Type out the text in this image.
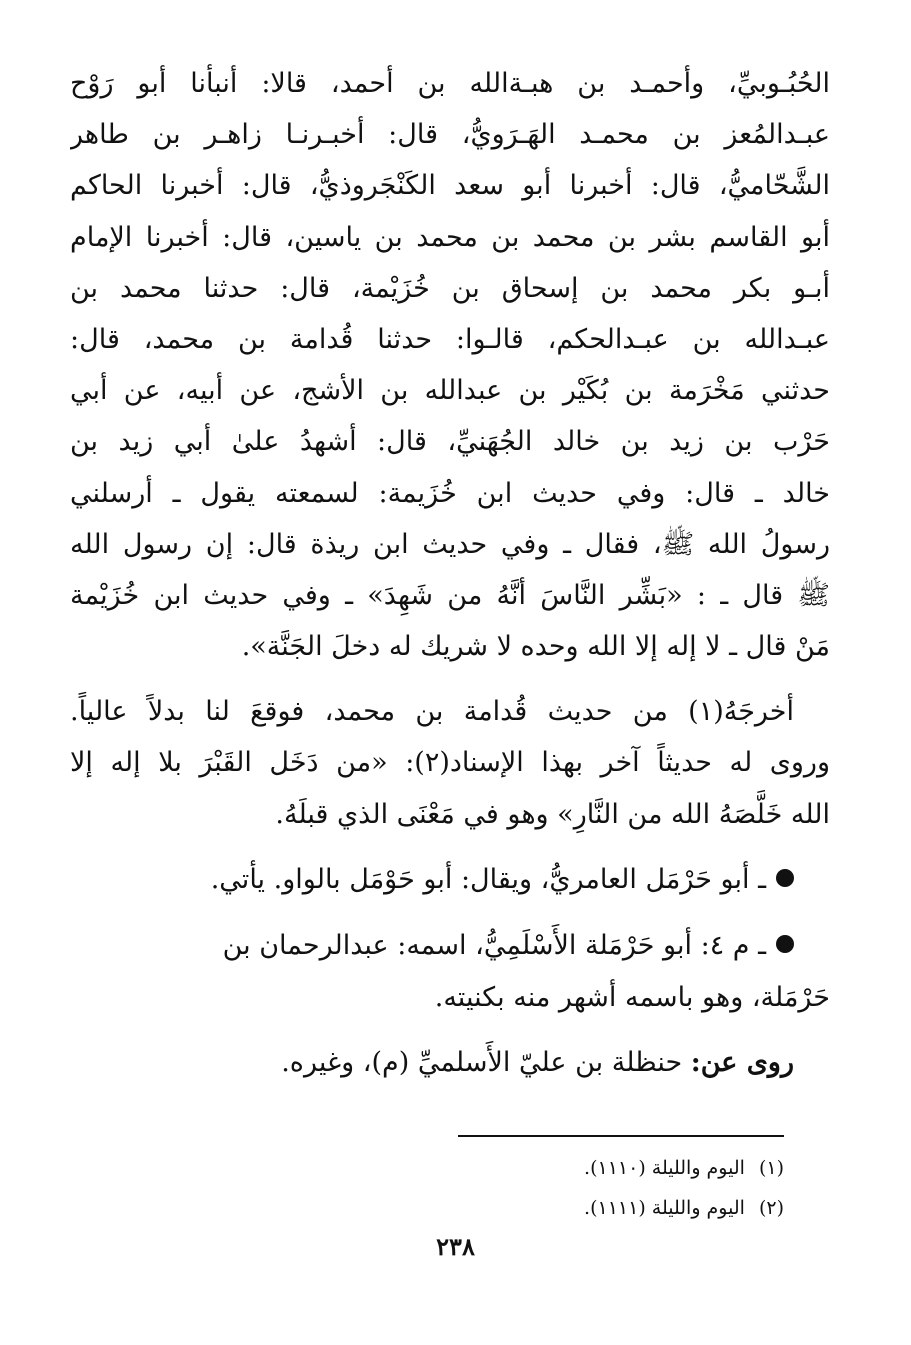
الحُبُـوبيِّ، وأحمـد بن هبـةالله بن أحمد، قالا: أنبأنا أبو رَوْح
عبـدالمُعز بن محمـد الهَـرَويُّ، قال: أخبـرنـا زاهـر بن طاهر
الشَّحّاميُّ، قال: أخبرنا أبو سعد الكَنْجَروذيُّ، قال: أخبرنا الحاكم
أبو القاسم بشر بن محمد بن محمد بن ياسين، قال: أخبرنا الإمام
أبـو بكر محمد بن إسحاق بن خُزَيْمة، قال: حدثنا محمد بن
عبـدالله بن عبـدالحكم، قالـوا: حدثنا قُدامة بن محمد، قال:
حدثني مَخْرَمة بن بُكَيْر بن عبدالله بن الأشج، عن أبيه، عن أبي
حَرْب بن زيد بن خالد الجُهَنيِّ، قال: أشهدُ علىٰ أبي زيد بن
خالد ـ قال: وفي حديث ابن خُزَيمة: لسمعته يقول ـ أرسلني
رسولُ الله ﷺ، فقال ـ وفي حديث ابن ريذة قال: إن رسول الله
ﷺ قال ـ : «بَشِّر النَّاسَ أنَّهُ من شَهِدَ» ـ وفي حديث ابن خُزَيْمة
مَنْ قال ـ لا إله إلا الله وحده لا شريك له دخلَ الجَنَّة».
أخرجَهُ(١) من حديث قُدامة بن محمد، فوقعَ لنا بدلاً عالياً.
وروى له حديثاً آخر بهذا الإسناد(٢): «من دَخَل القَبْرَ بلا إله إلا
الله خَلَّصَهُ الله من النَّارِ» وهو في مَعْنَى الذي قبلَهُ.
ـ أبو حَرْمَل العامريُّ، ويقال: أبو حَوْمَل بالواو. يأتي.
ـ م ٤: أبو حَرْمَلة الأَسْلَمِيُّ، اسمه: عبدالرحمان بن
حَرْمَلة، وهو باسمه أشهر منه بكنيته.
روى عن: حنظلة بن عليّ الأَسلميِّ (م)، وغيره.
(١)اليوم والليلة (١١١٠).
(٢)اليوم والليلة (١١١١).
٢٣٨
